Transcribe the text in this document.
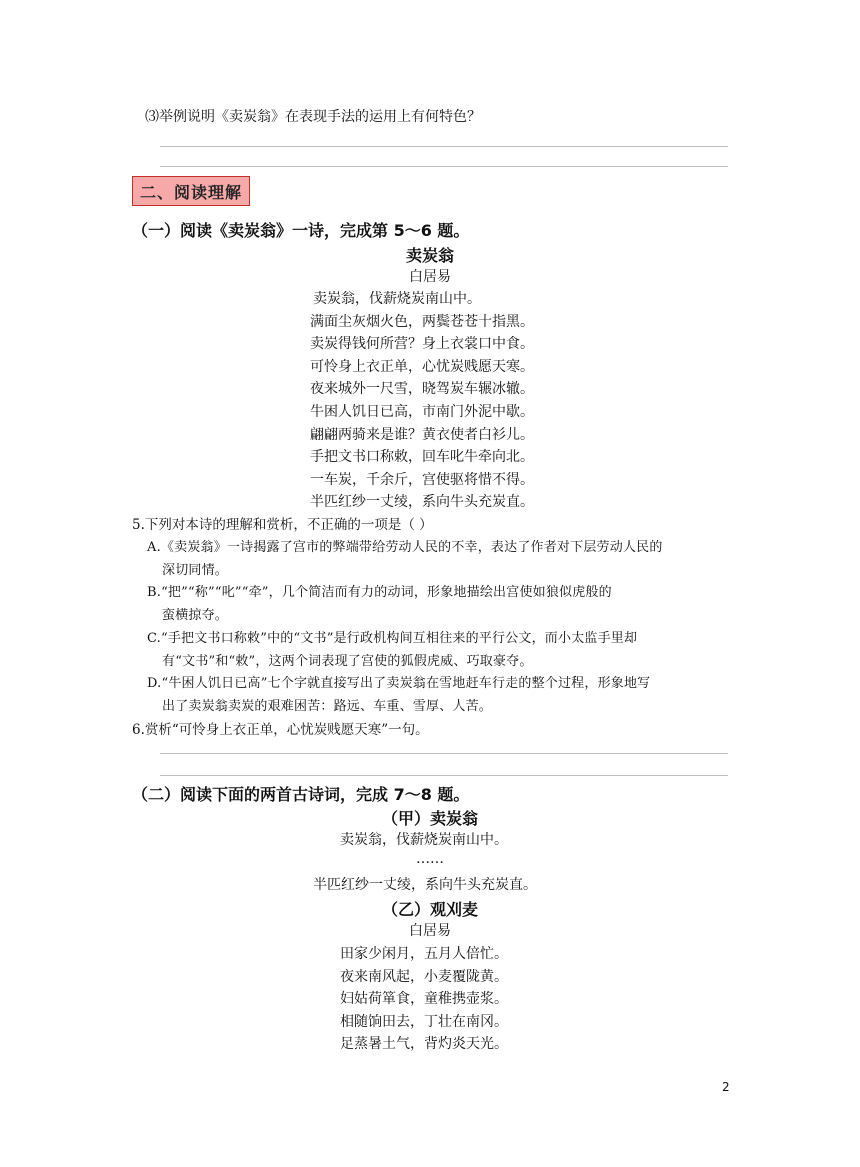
⑶举例说明《卖炭翁》在表现手法的运用上有何特色？
二、阅读理解
（一）阅读《卖炭翁》一诗，完成第 5～6 题。
卖炭翁
白居易
卖炭翁，伐薪烧炭南山中。
满面尘灰烟火色，两鬓苍苍十指黑。
卖炭得钱何所营？身上衣裳口中食。
可怜身上衣正单，心忧炭贱愿天寒。
夜来城外一尺雪，晓驾炭车辗冰辙。
牛困人饥日已高，市南门外泥中歇。
翩翩两骑来是谁？黄衣使者白衫儿。
手把文书口称敕，回车叱牛牵向北。
一车炭，千余斤，宫使驱将惜不得。
半匹红纱一丈绫，系向牛头充炭直。
5.下列对本诗的理解和赏析，不正确的一项是（ ）
A.《卖炭翁》一诗揭露了宫市的弊端带给劳动人民的不幸，表达了作者对下层劳动人民的
深切同情。
B.“把”“称”“叱”“牵”，几个简洁而有力的动词，形象地描绘出宫使如狼似虎般的
蛮横掠夺。
C.“手把文书口称敕”中的“文书”是行政机构间互相往来的平行公文，而小太监手里却
有“文书”和“敕”，这两个词表现了宫使的狐假虎威、巧取豪夺。
D.“牛困人饥日已高”七个字就直接写出了卖炭翁在雪地赶车行走的整个过程，形象地写
出了卖炭翁卖炭的艰难困苦：路远、车重、雪厚、人苦。
6.赏析“可怜身上衣正单，心忧炭贱愿天寒”一句。
（二）阅读下面的两首古诗词，完成 7～8 题。
（甲）卖炭翁
卖炭翁，伐薪烧炭南山中。
……
半匹红纱一丈绫，系向牛头充炭直。
（乙）观刈麦
白居易
田家少闲月，五月人倍忙。
夜来南风起，小麦覆陇黄。
妇姑荷箪食，童稚携壶浆。
相随饷田去，丁壮在南冈。
足蒸暑土气，背灼炎天光。
2
